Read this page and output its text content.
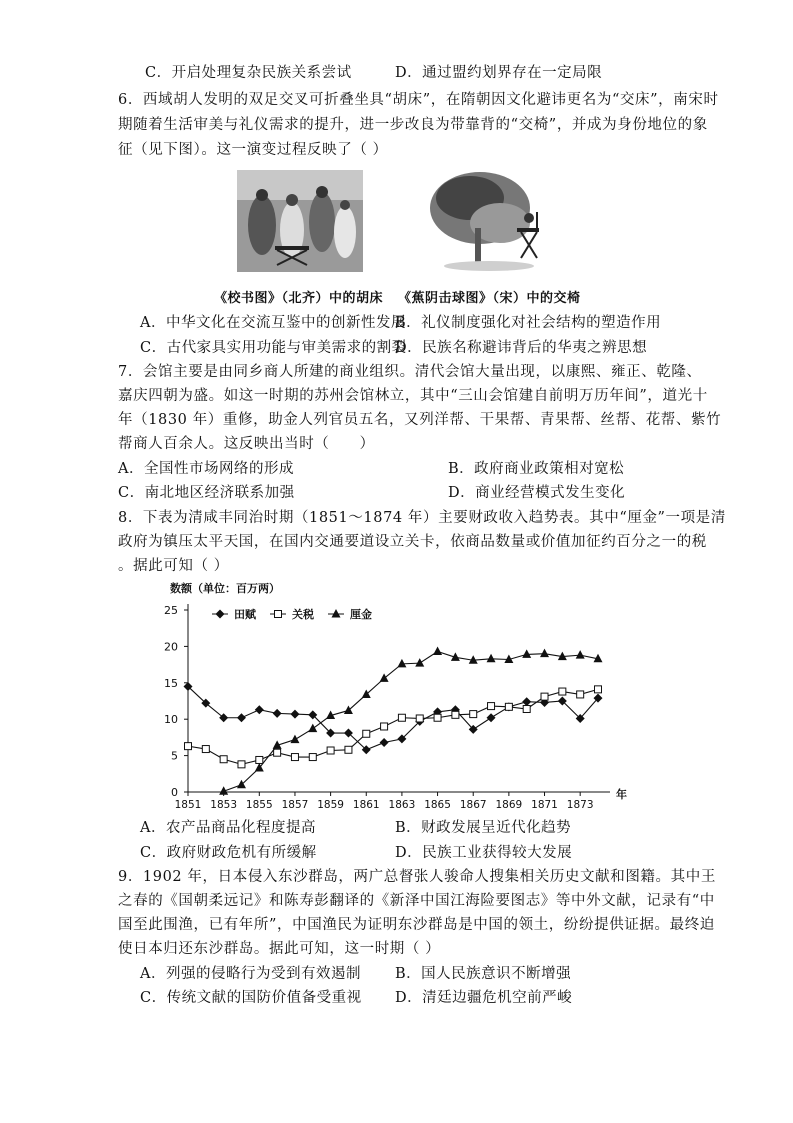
C．开启处理复杂民族关系尝试	D．通过盟约划界存在一定局限
6．西域胡人发明的双足交叉可折叠坐具“胡床”，在隋朝因文化避讳更名为“交床”，南宋时
期随着生活审美与礼仪需求的提升，进一步改良为带靠背的“交椅”，并成为身份地位的象
征（见下图）。这一演变过程反映了（ ）
《校书图》（北齐）中的胡床 《蕉阴击球图》（宋）中的交椅
A．中华文化在交流互鉴中的创新性发展
B．礼仪制度强化对社会结构的塑造作用
C．古代家具实用功能与审美需求的割裂
D．民族名称避讳背后的华夷之辨思想
7．会馆主要是由同乡商人所建的商业组织。清代会馆大量出现，以康熙、雍正、乾隆、
嘉庆四朝为盛。如这一时期的苏州会馆林立，其中“三山会馆建自前明万历年间”，道光十
年（1830 年）重修，助金人列官员五名，又列洋帮、干果帮、青果帮、丝帮、花帮、紫竹
帮商人百余人。这反映出当时（　　）
A．全国性市场网络的形成	B．政府商业政策相对宽松
C．南北地区经济联系加强	D．商业经营模式发生变化
8．下表为清咸丰同治时期（1851～1874 年）主要财政收入趋势表。其中“厘金”一项是清
政府为镇压太平天国，在国内交通要道设立关卡，依商品数量或价值加征约百分之一的税
。据此可知（ ）
数额（单位：百万两）
0
5
10
15
20
25
1851 1853 1855 1857 1859 1861 1863 1865 1867 1869 1871 1873
年
田赋	关税	厘金
A．农产品商品化程度提高	B．财政发展呈近代化趋势
C．政府财政危机有所缓解	D．民族工业获得较大发展
9．1902 年，日本侵入东沙群岛，两广总督张人骏命人搜集相关历史文献和图籍。其中王
之春的《国朝柔远记》和陈寿彭翻译的《新泽中国江海险要图志》等中外文献，记录有“中
国至此围渔，已有年所”，中国渔民为证明东沙群岛是中国的领土，纷纷提供证据。最终迫
使日本归还东沙群岛。据此可知，这一时期（ ）
A．列强的侵略行为受到有效遏制 B．国人民族意识不断增强
C．传统文献的国防价值备受重视 D．清廷边疆危机空前严峻
